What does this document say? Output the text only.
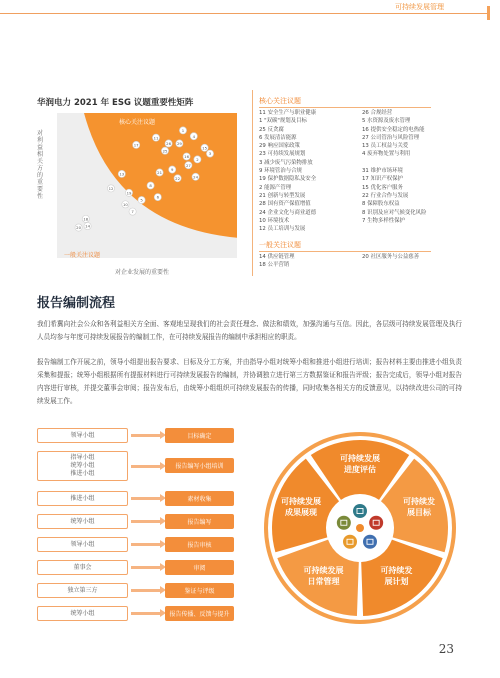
可持续发展管理
华润电力 2021 年 ESG 议题重要性矩阵
对利益相关方的重要性
11
26
1
4
29
17
25
16
15
3
2
27
9
21
13
22	24
8
19
12
5
6
10
7
14
20
18
核心关注议题
一般关注议题
对企业发展的重要性
核心关注议题
11 安全生产与职业健康
1 "双碳"规划及目标
25 反贪腐
6 发展清洁能源
29 响应国家政策
23 可持续发展规划
3 减少废气污染物排放
9 环境管治与合规
19 保护数据隐私及安全
2 能源产管理
21 创新与转型发展
28 国有资产保值增值
24 企业文化与商业道德
10 环境技术
12 员工培训与发展
26 合规经营
5 水资源及废水管理
16 提供安全稳定的电热能
27 公司管治与风险管理
13 员工权益与关爱
4 废弃物处置与利用

31 维护市场环境
17 知识产权保护
15 优化客户服务
22 行业合作与发展
8 保障股东权益
8 识别及应对气候变化风险
7 生物多样性保护
一般关注议题
14 供应链管理
18 公平营销
20 社区服务与公益慈善
报告编制流程
我们希冀向社会公众和各利益相关方全面、客观地呈现我们的社会责任理念、做法和绩效，加强沟通与互信。因此，各层级可持续发展管理及执行人员均参与年度可持续发展报告的编制工作，在可持续发展报告的编制中承担相应的职责。
报告编制工作开展之前，领导小组提出报告要求、目标及分工方案，并由指导小组对统筹小组和推进小组进行培训；报告材料主要由推进小组负责采集和提报；统筹小组根据所有提报材料进行可持续发展报告的编制，并协调独立进行第三方数据鉴证和报告评级；报告完成后，领导小组对报告内容进行审核，并提交董事会审阅；报告发布后，由统筹小组组织可持续发展报告的传播，同时收集各相关方的反馈意见，以持续改进公司的可持续发展工作。
领导小组	目标确定
指导小组
统筹小组
推进小组
报告编写小组培训
推进小组	素材收集
统筹小组	报告编写
领导小组	报告审核
董事会	审阅
独立第三方	鉴证与评级
统筹小组	报告传播、反馈与提升
可持续发展进度评估
可持续发展目标
可持续发展计划
可持续发展日常管理
可持续发展成果展现
23
